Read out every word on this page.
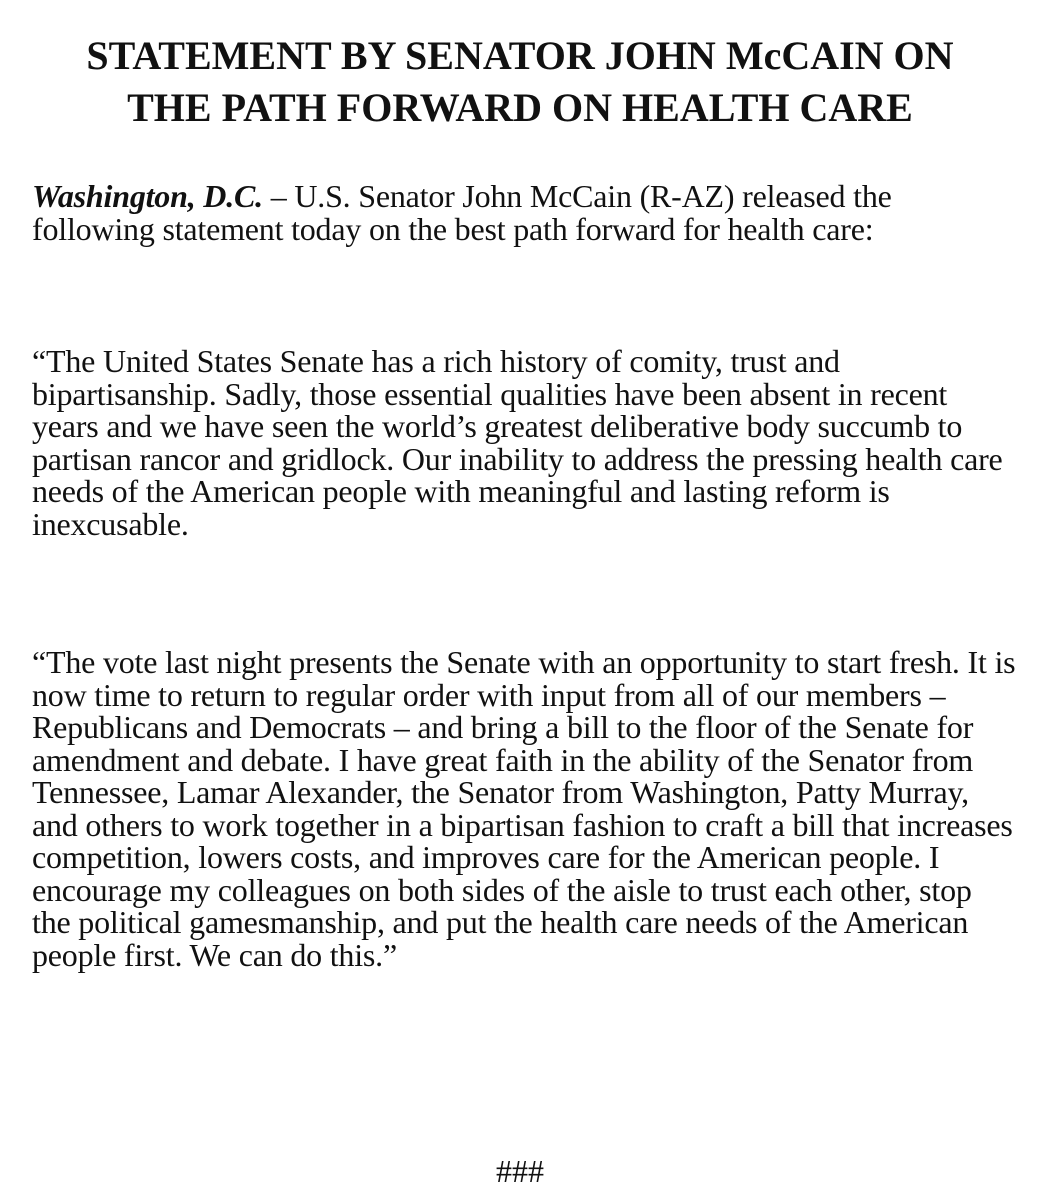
STATEMENT BY SENATOR JOHN McCAIN ON
THE PATH FORWARD ON HEALTH CARE
Washington, D.C. – U.S. Senator John McCain (R-AZ) released the following statement today on the best path forward for health care:
“The United States Senate has a rich history of comity, trust and bipartisanship. Sadly, those essential qualities have been absent in recent years and we have seen the world’s greatest deliberative body succumb to partisan rancor and gridlock. Our inability to address the pressing health care needs of the American people with meaningful and lasting reform is inexcusable.
“The vote last night presents the Senate with an opportunity to start fresh. It is now time to return to regular order with input from all of our members – Republicans and Democrats – and bring a bill to the floor of the Senate for amendment and debate. I have great faith in the ability of the Senator from Tennessee, Lamar Alexander, the Senator from Washington, Patty Murray, and others to work together in a bipartisan fashion to craft a bill that increases competition, lowers costs, and improves care for the American people. I encourage my colleagues on both sides of the aisle to trust each other, stop the political gamesmanship, and put the health care needs of the American people first. We can do this.”
###
